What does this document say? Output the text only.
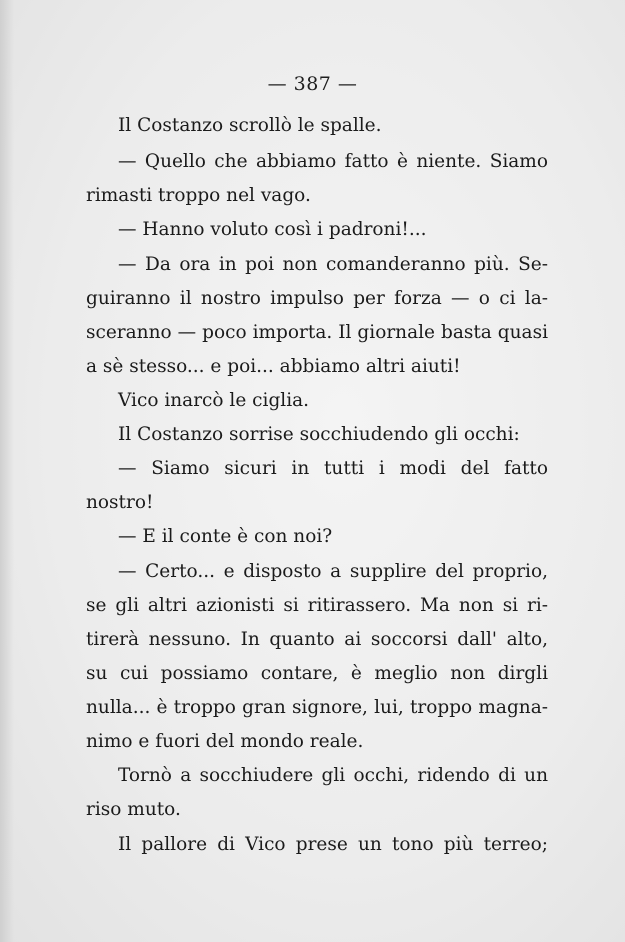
— 387 —

Il Costanzo scrollò le spalle.

— Quello che abbiamo fatto è niente. Siamo

rimasti troppo nel vago.

— Hanno voluto così i padroni!...

— Da ora in poi non comanderanno più. Se-

guiranno il nostro impulso per forza — o ci la-

sceranno — poco importa. Il giornale basta quasi

a sè stesso... e poi... abbiamo altri aiuti!

Vico inarcò le ciglia.

Il Costanzo sorrise socchiudendo gli occhi:

— Siamo sicuri in tutti i modi del fatto

nostro!

— E il conte è con noi?

— Certo... e disposto a supplire del proprio,

se gli altri azionisti si ritirassero. Ma non si ri-

tirerà nessuno. In quanto ai soccorsi dall' alto,

su cui possiamo contare, è meglio non dirgli

nulla... è troppo gran signore, lui, troppo magna-

nimo e fuori del mondo reale.

Tornò a socchiudere gli occhi, ridendo di un

riso muto.

Il pallore di Vico prese un tono più terreo;
